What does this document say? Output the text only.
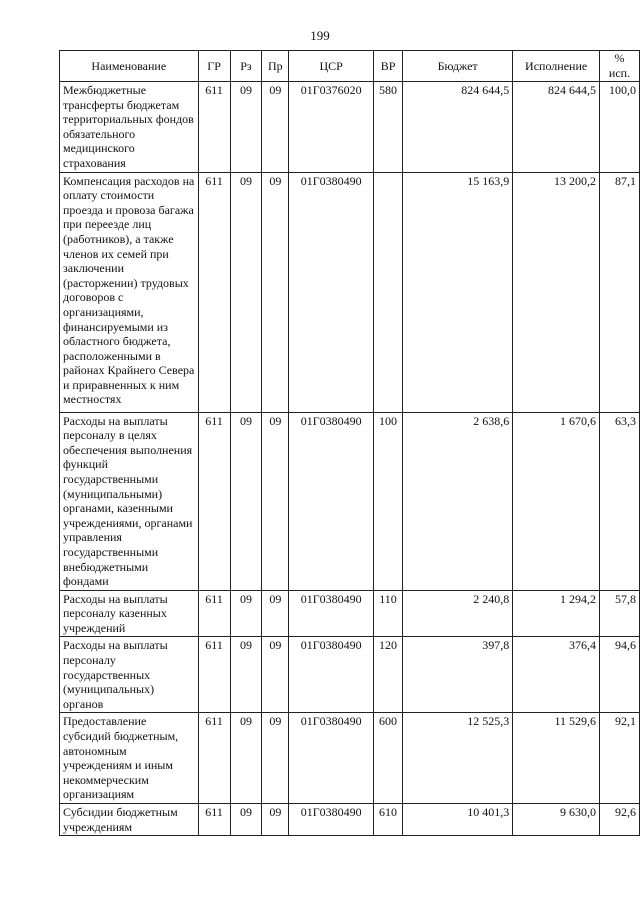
199
Наименование	ГР	Рз	Пр	ЦСР	ВР	Бюджет	Исполнение	%
исп.
Межбюджетные трансферты бюджетам территориальных фондов обязательного медицинского страхования	611	09	09	01Г0376020	580	824 644,5	824 644,5	100,0
Компенсация расходов на оплату стоимости проезда и провоза багажа при переезде лиц (работников), а также членов их семей при заключении (расторжении) трудовых договоров с организациями, финансируемыми из областного бюджета, расположенными в районах Крайнего Севера и приравненных к ним местностях	611	09	09	01Г0380490		15 163,9	13 200,2	87,1
Расходы на выплаты персоналу в целях обеспечения выполнения функций государственными (муниципальными) органами, казенными учреждениями, органами управления государственными внебюджетными фондами	611	09	09	01Г0380490	100	2 638,6	1 670,6	63,3
Расходы на выплаты персоналу казенных учреждений	611	09	09	01Г0380490	110	2 240,8	1 294,2	57,8
Расходы на выплаты персоналу государственных (муниципальных) органов	611	09	09	01Г0380490	120	397,8	376,4	94,6
Предоставление субсидий бюджетным, автономным учреждениям и иным некоммерческим организациям	611	09	09	01Г0380490	600	12 525,3	11 529,6	92,1
Субсидии бюджетным учреждениям	611	09	09	01Г0380490	610	10 401,3	9 630,0	92,6
